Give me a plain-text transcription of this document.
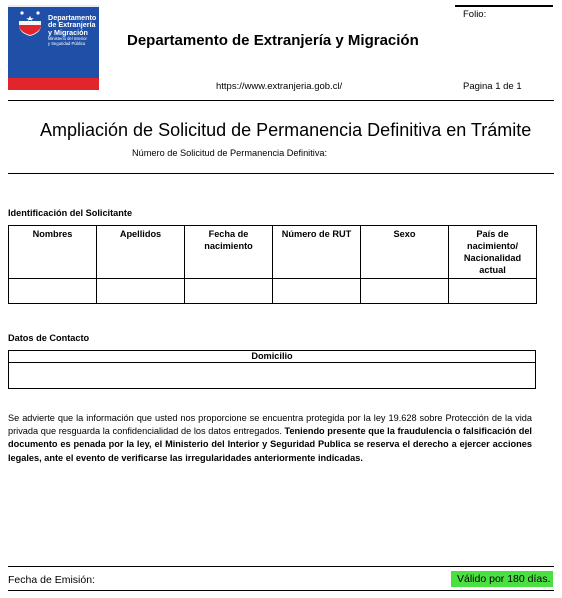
Departamento
de Extranjería
y Migración
Ministerio del Interior
y Seguridad Pública
Folio:
Departamento de Extranjería y Migración
https://www.extranjeria.gob.cl/	Pagina 1 de 1
Ampliación de Solicitud de Permanencia Definitiva en Trámite
Número de Solicitud de Permanencia Definitiva:
Identificación del Solicitante
Nombres	Apellidos	Fecha de nacimiento	Número de RUT	Sexo	País de nacimiento/ Nacionalidad actual

Datos de Contacto
Domicilio

Se advierte que la información que usted nos proporcione se encuentra protegida por la ley 19.628 sobre Protección de la vida privada que resguarda la confidencialidad de los datos entregados. Teniendo presente que la fraudulencia o falsificación del documento es penada por la ley, el Ministerio del Interior y Seguridad Publica se reserva el derecho a ejercer acciones legales, ante el evento de verificarse las irregularidades anteriormente indicadas.
Fecha de Emisión:	Válido por 180 días.
